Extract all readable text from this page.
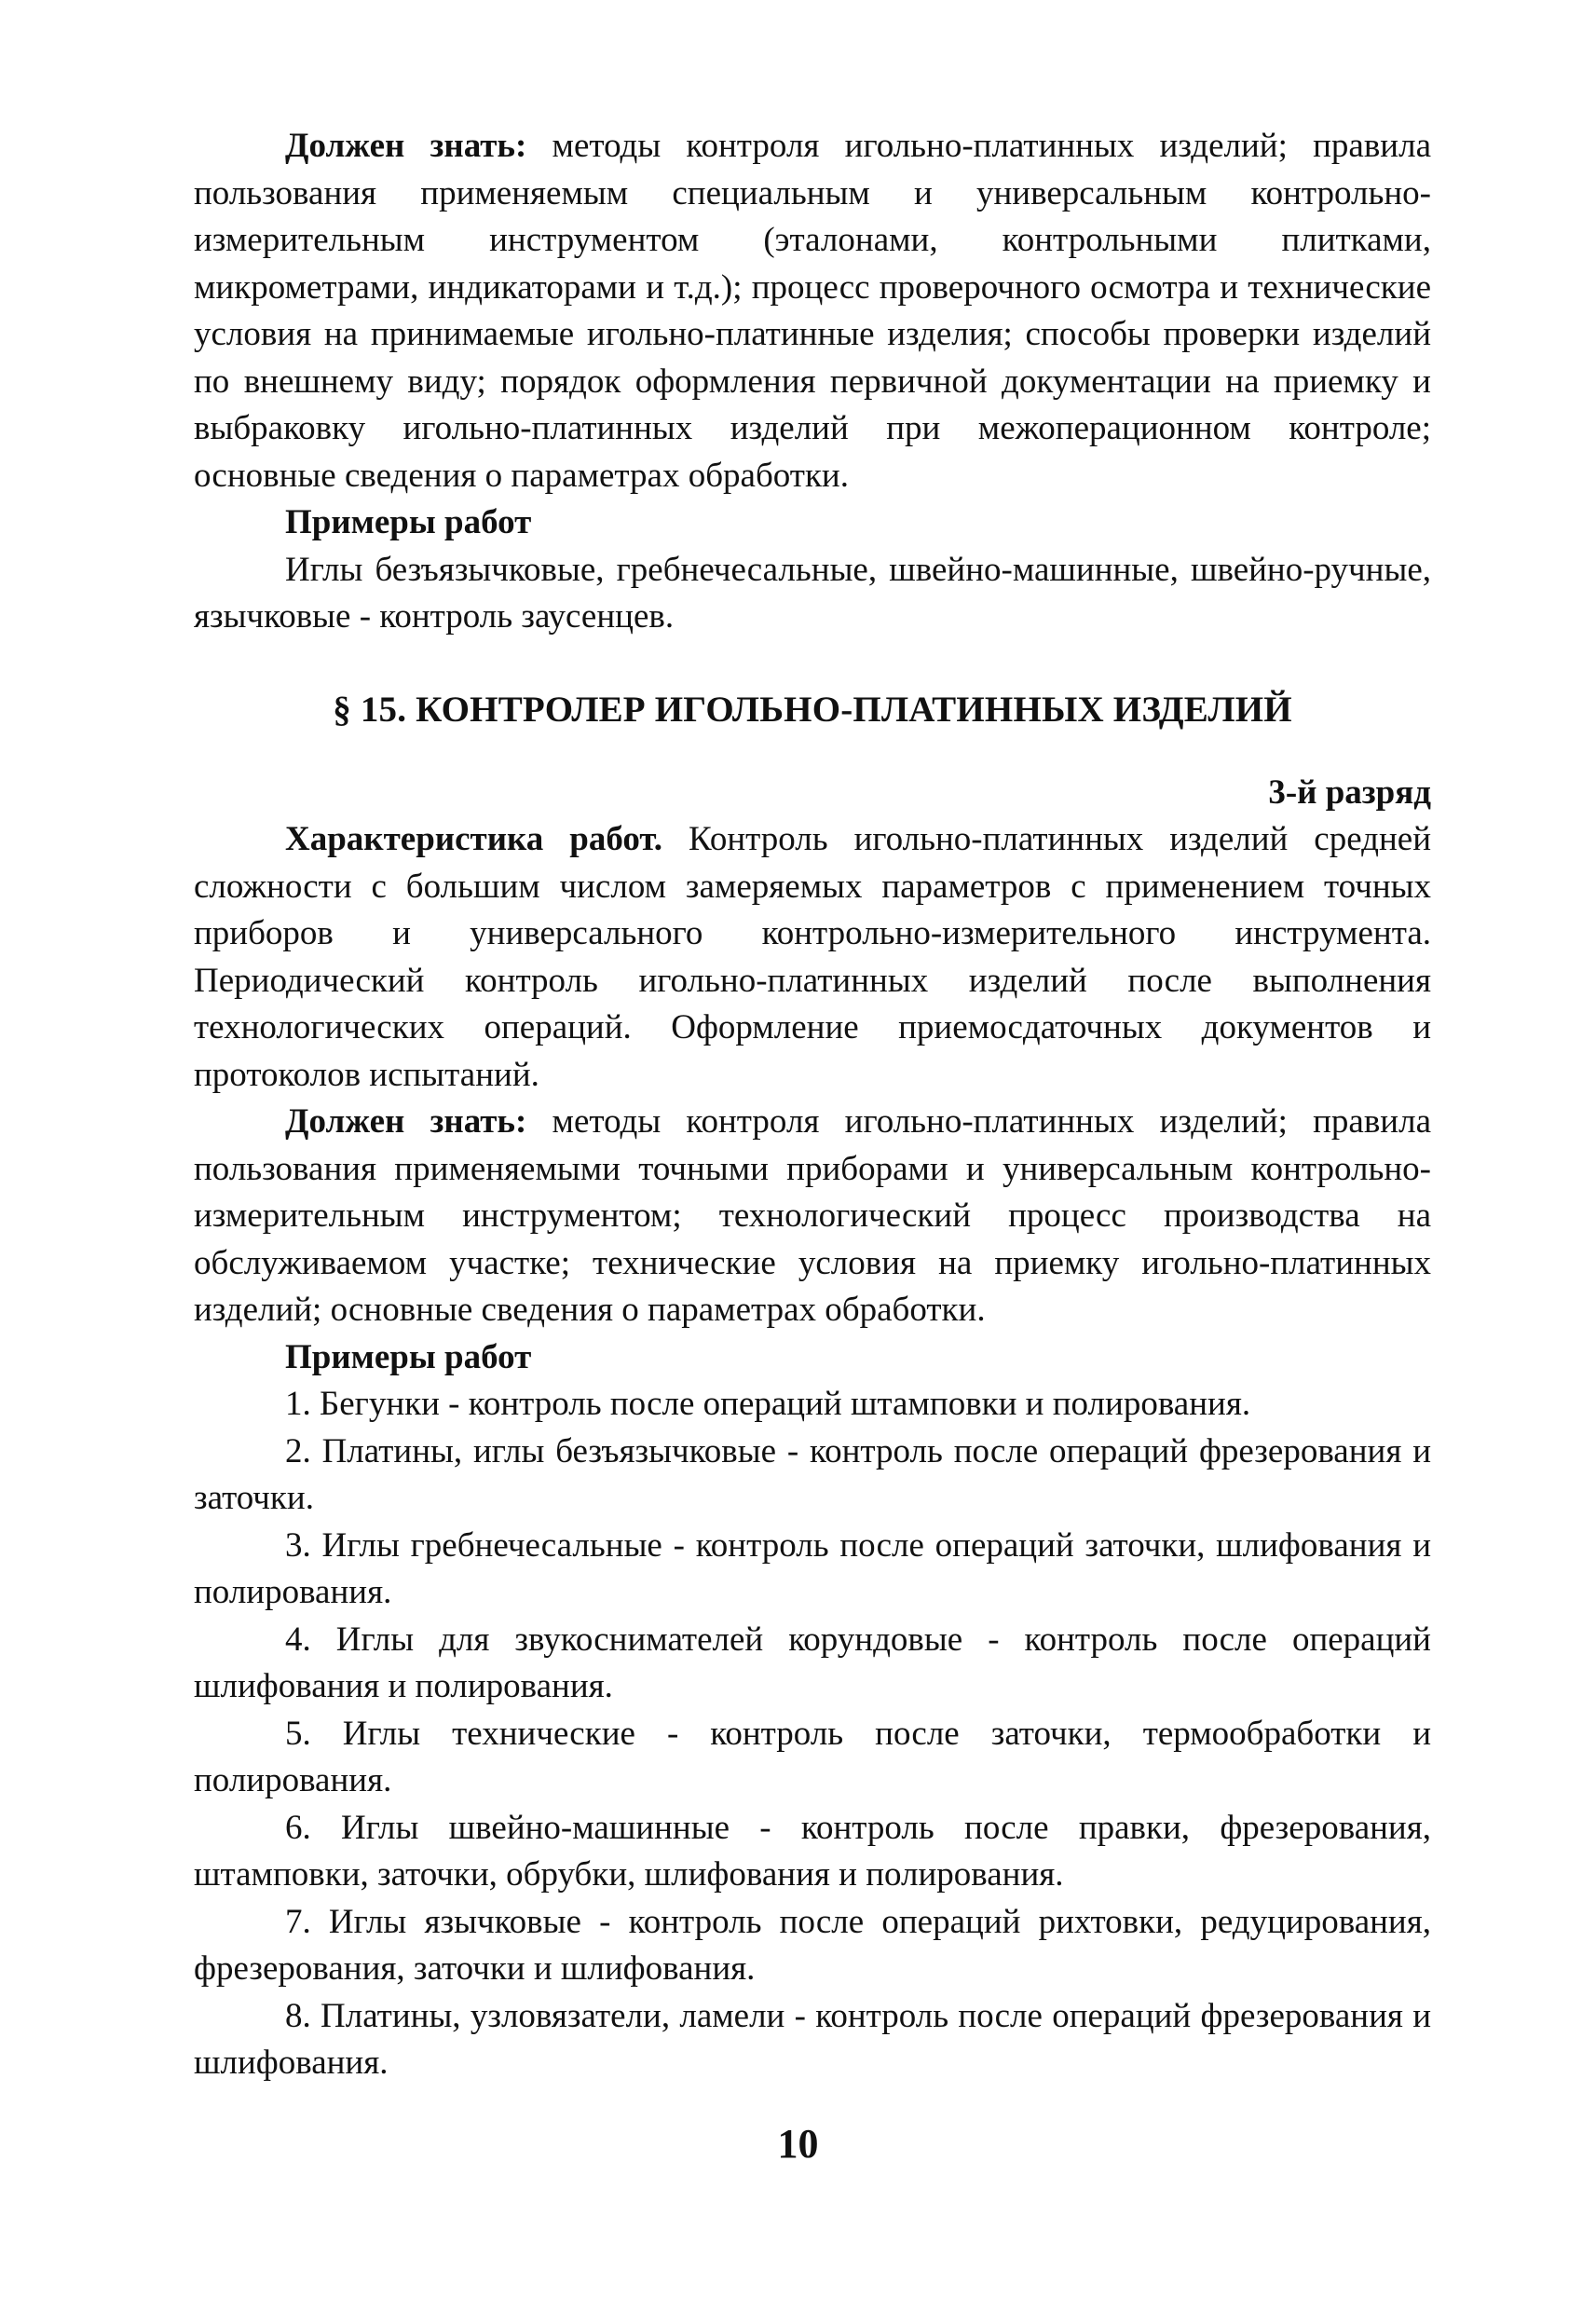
Должен знать: методы контроля игольно-платинных изделий; правила пользования применяемым специальным и универсальным контрольно-измерительным инструментом (эталонами, контрольными плитками, микрометрами, индикаторами и т.д.); процесс проверочного осмотра и технические условия на принимаемые игольно-платинные изделия; способы проверки изделий по внешнему виду; порядок оформления первичной документации на приемку и выбраковку игольно-платинных изделий при межоперационном контроле; основные сведения о параметрах обработки.

Примеры работ

Иглы безъязычковые, гребнечесальные, швейно-машинные, швейно-ручные, язычковые - контроль заусенцев.

§ 15. КОНТРОЛЕР ИГОЛЬНО-ПЛАТИННЫХ ИЗДЕЛИЙ

3-й разряд

Характеристика работ. Контроль игольно-платинных изделий средней сложности с большим числом замеряемых параметров с применением точных приборов и универсального контрольно-измерительного инструмента. Периодический контроль игольно-платинных изделий после выполнения технологических операций. Оформление приемосдаточных документов и протоколов испытаний.

Должен знать: методы контроля игольно-платинных изделий; правила пользования применяемыми точными приборами и универсальным контрольно-измерительным инструментом; технологический процесс производства на обслуживаемом участке; технические условия на приемку игольно-платинных изделий; основные сведения о параметрах обработки.

Примеры работ

1. Бегунки - контроль после операций штамповки и полирования.

2. Платины, иглы безъязычковые - контроль после операций фрезерования и заточки.

3. Иглы гребнечесальные - контроль после операций заточки, шлифования и полирования.

4. Иглы для звукоснимателей корундовые - контроль после операций шлифования и полирования.

5. Иглы технические - контроль после заточки, термообработки и полирования.

6. Иглы швейно-машинные - контроль после правки, фрезерования, штамповки, заточки, обрубки, шлифования и полирования.

7. Иглы язычковые - контроль после операций рихтовки, редуцирования, фрезерования, заточки и шлифования.

8. Платины, узловязатели, ламели - контроль после операций фрезерования и шлифования.

10
